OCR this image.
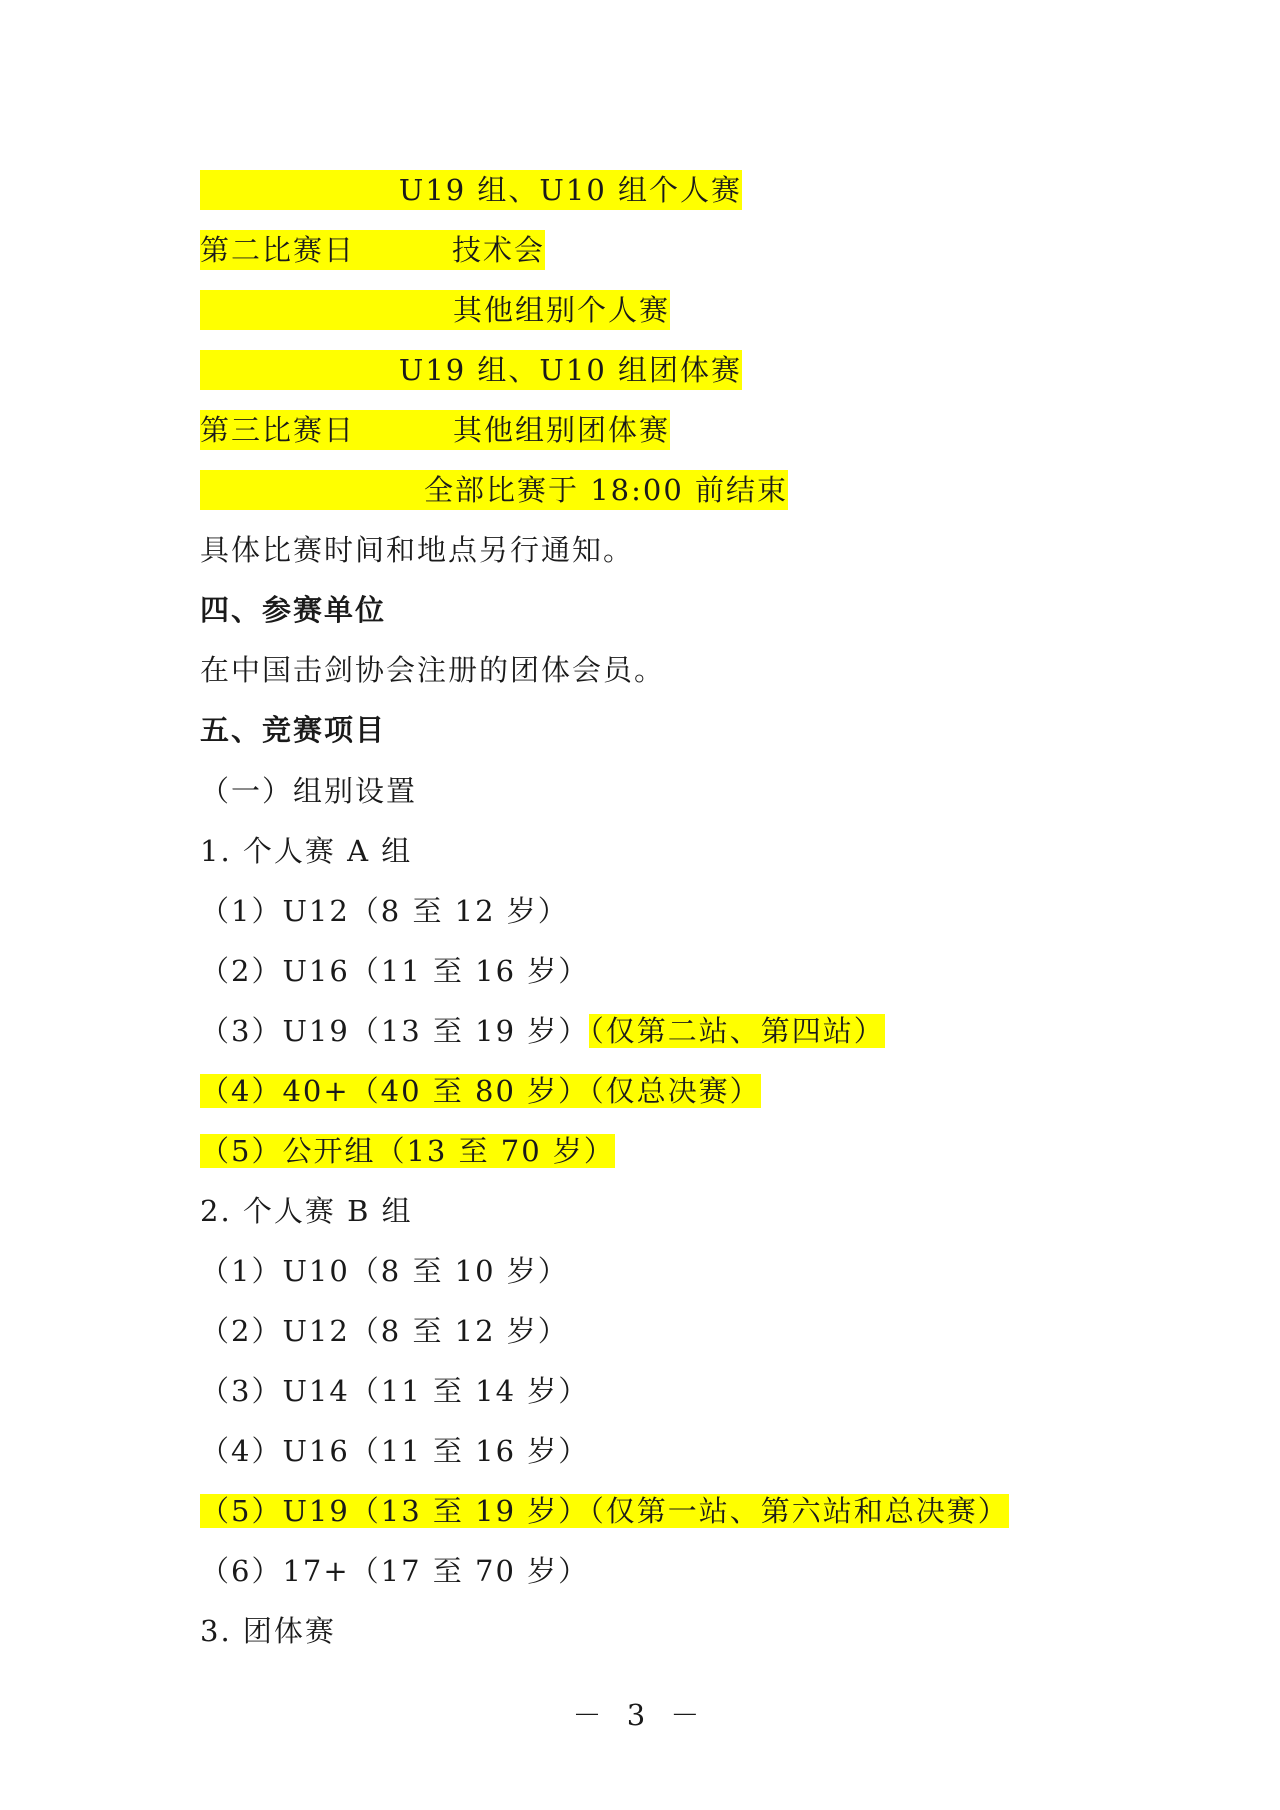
U19 组、U10 组个人赛
第二比赛日	技术会
其他组别个人赛
U19 组、U10 组团体赛
第三比赛日	其他组别团体赛
全部比赛于 18:00 前结束
具体比赛时间和地点另行通知。
四、参赛单位
在中国击剑协会注册的团体会员。
五、竞赛项目
（一）组别设置
1. 个人赛 A 组
（1）U12（8 至 12 岁）
（2）U16（11 至 16 岁）
（3）U19（13 至 19 岁）（仅第二站、第四站）
（4）40+（40 至 80 岁）（仅总决赛）
（5）公开组（13 至 70 岁）
2. 个人赛 B 组
（1）U10（8 至 10 岁）
（2）U12（8 至 12 岁）
（3）U14（11 至 14 岁）
（4）U16（11 至 16 岁）
（5）U19（13 至 19 岁）（仅第一站、第六站和总决赛）
（6）17+（17 至 70 岁）
3. 团体赛
－ 3 －
